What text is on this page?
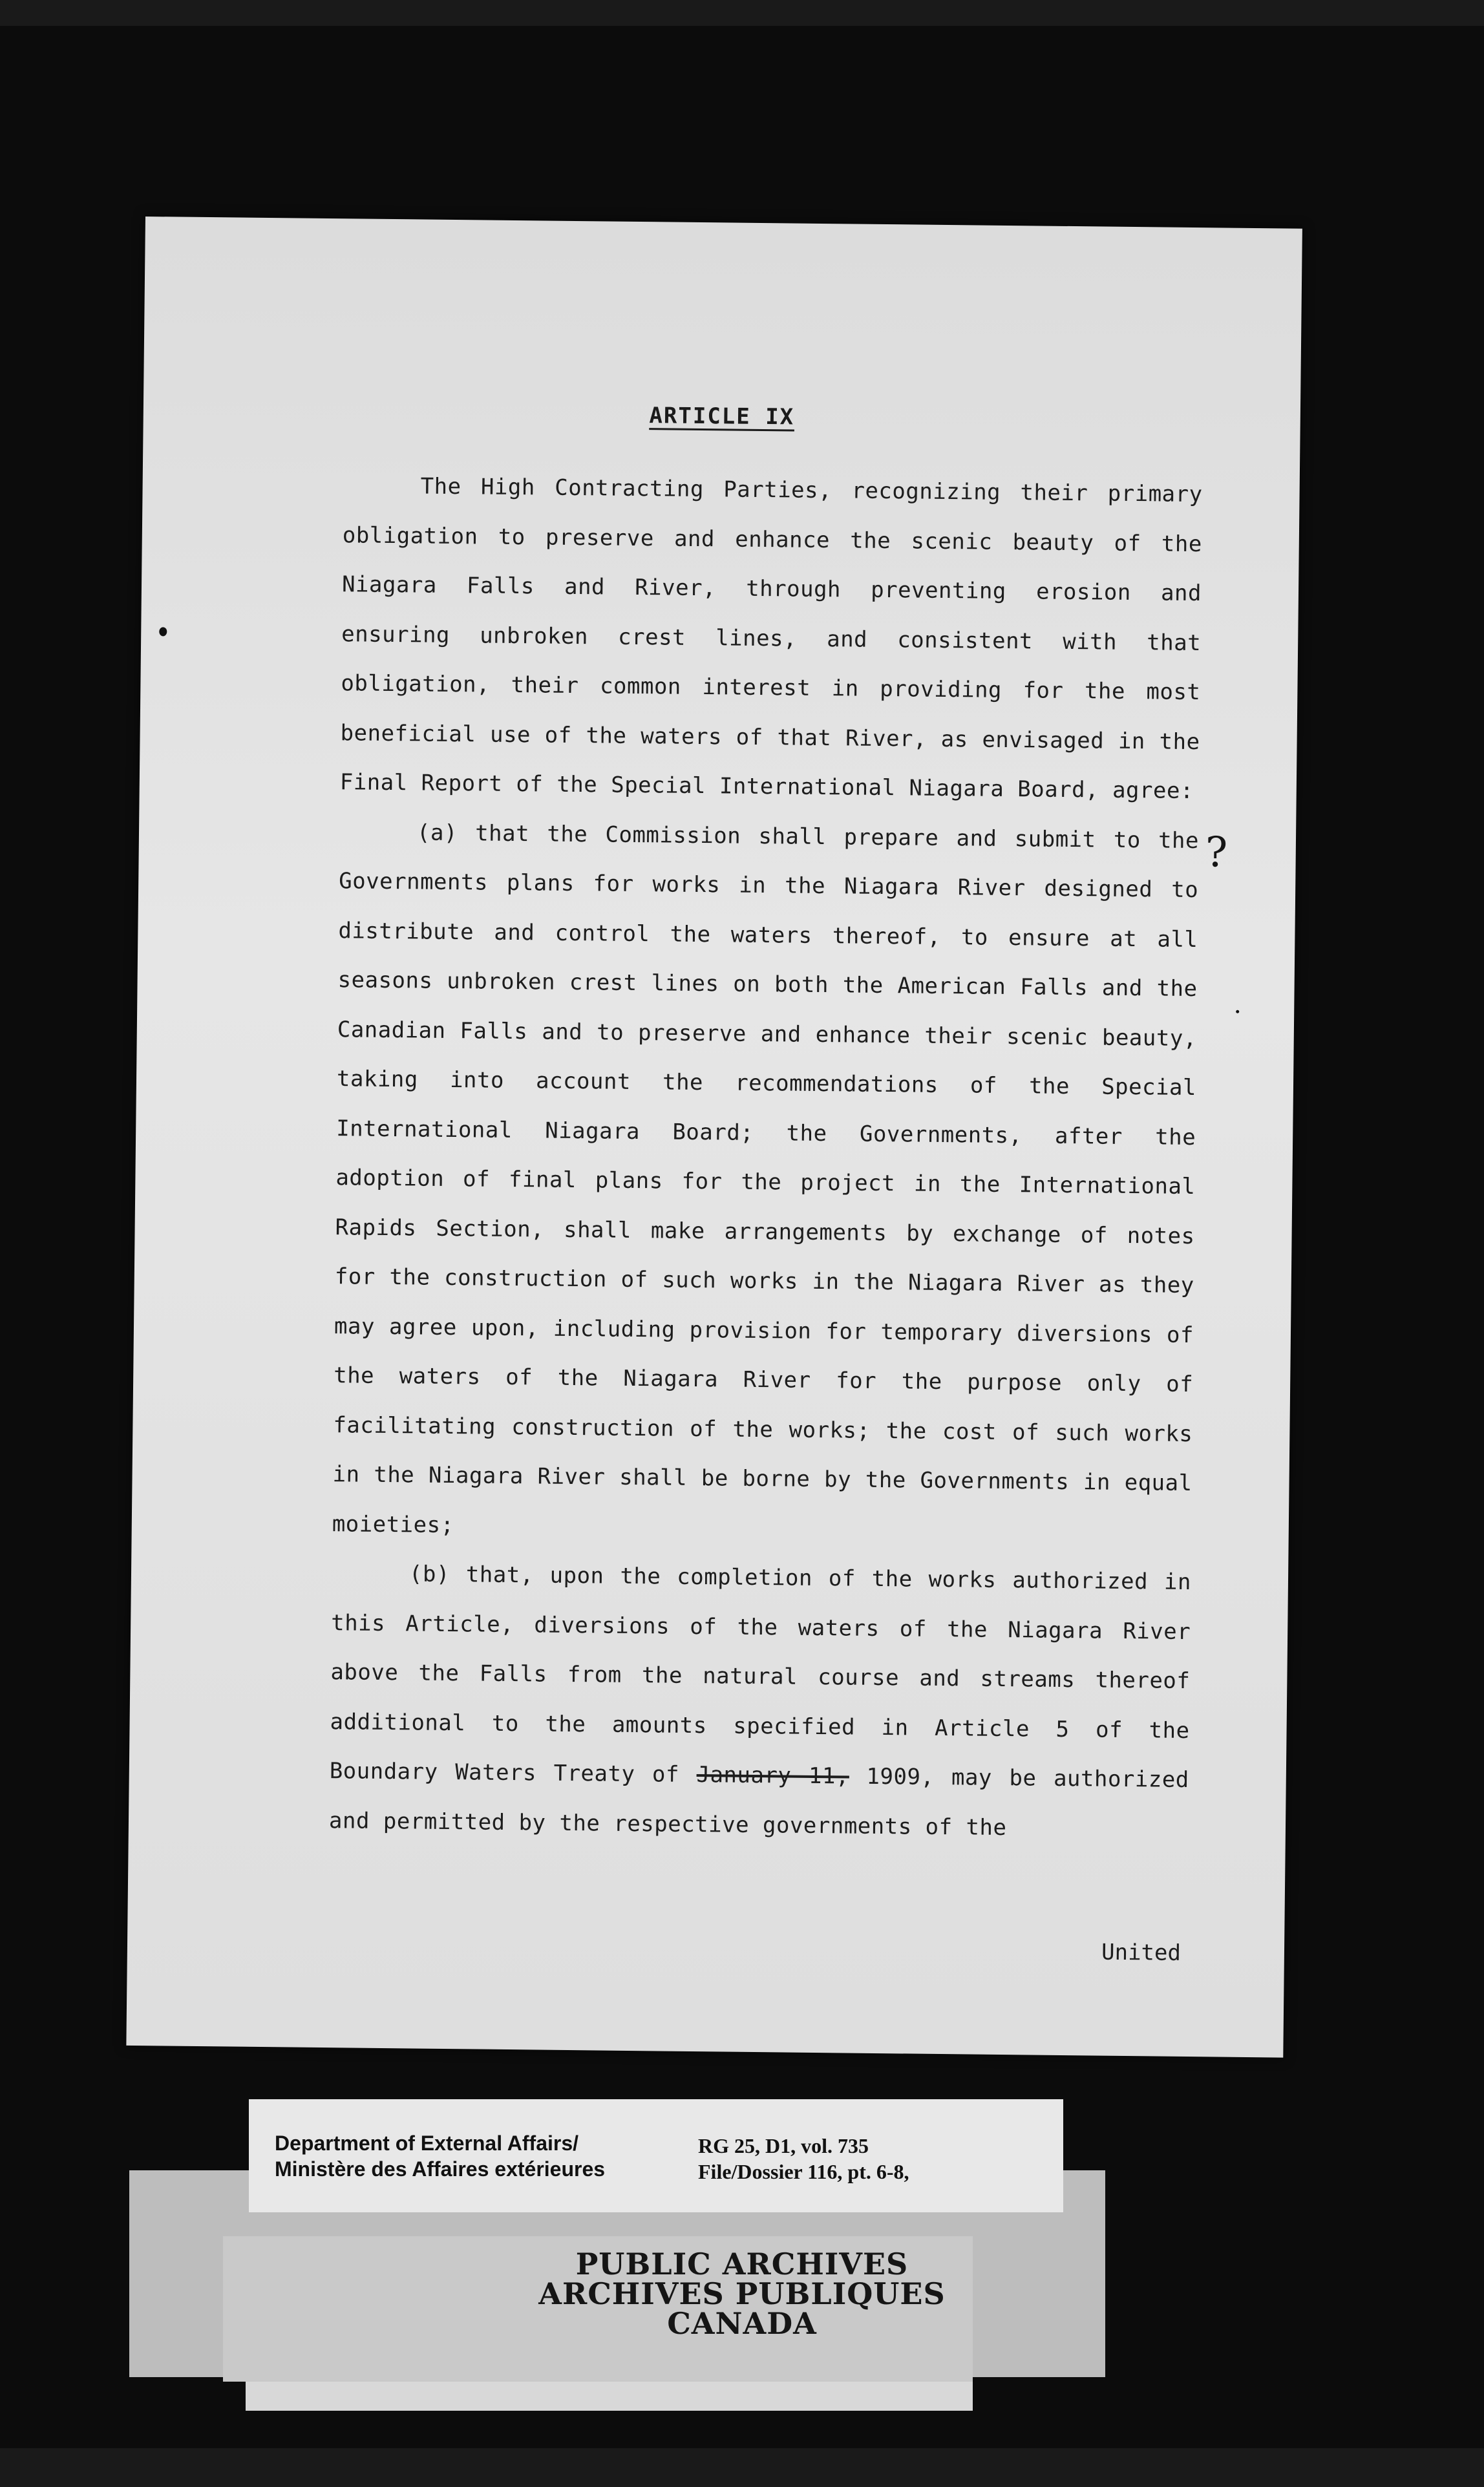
ARTICLE IX

The High Contracting Parties, recognizing their primary obligation to preserve and enhance the scenic beauty of the Niagara Falls and River, through preventing erosion and ensuring unbroken crest lines, and consistent with that obligation, their common interest in providing for the most beneficial use of the waters of that River, as envisaged in the Final Report of the Special International Niagara Board, agree:

(a) that the Commission shall prepare and submit to the Governments plans for works in the Niagara River designed to distribute and control the waters thereof, to ensure at all seasons unbroken crest lines on both the American Falls and the Canadian Falls and to preserve and enhance their scenic beauty, taking into account the recommendations of the Special International Niagara Board; the Governments, after the adoption of final plans for the project in the International Rapids Section, shall make arrangements by exchange of notes for the construction of such works in the Niagara River as they may agree upon, including provision for temporary diversions of the waters of the Niagara River for the purpose only of facilitating construction of the works; the cost of such works in the Niagara River shall be borne by the Governments in equal moieties;

(b) that, upon the completion of the works authorized in this Article, diversions of the waters of the Niagara River above the Falls from the natural course and streams thereof additional to the amounts specified in Article 5 of the Boundary Waters Treaty of January 11, 1909, may be authorized and permitted by the respective governments of the

United
?
Department of External Affairs/
Ministère des Affaires extérieures
RG 25, D1, vol. 735
File/Dossier 116, pt. 6-8,
PUBLIC ARCHIVES
ARCHIVES PUBLIQUES
CANADA
